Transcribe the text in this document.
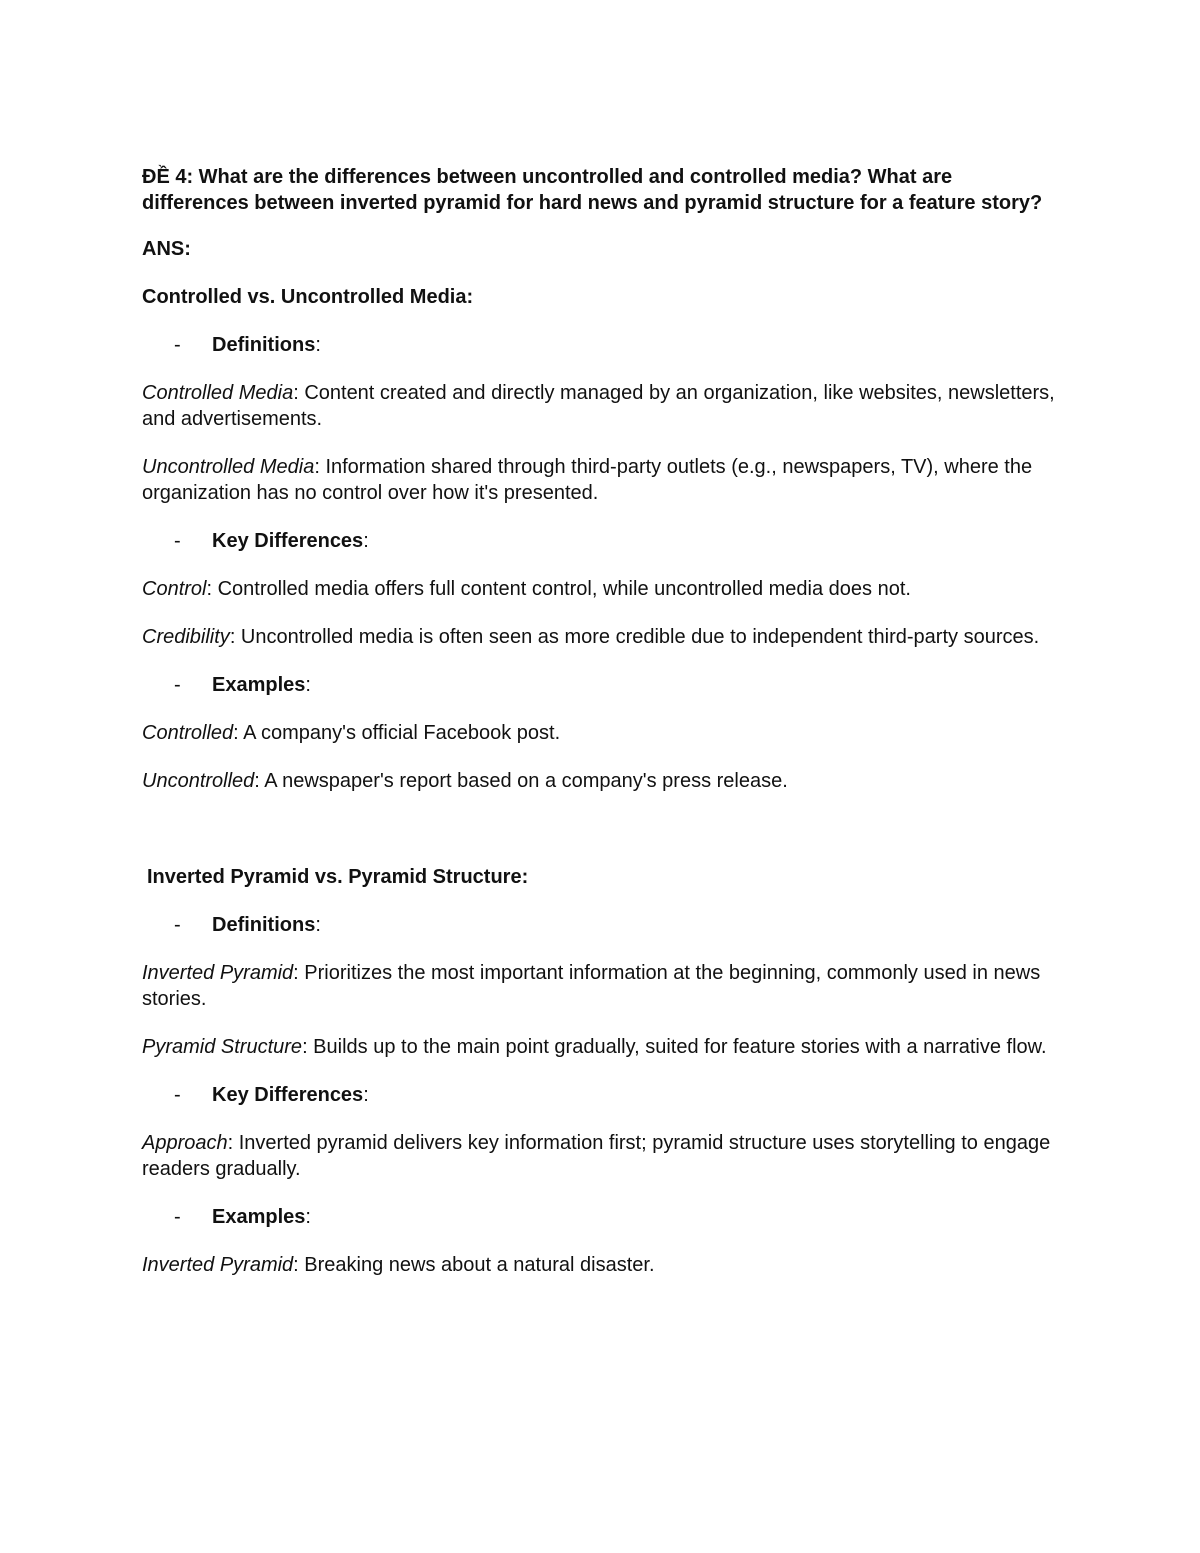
ĐỀ 4: What are the differences between uncontrolled and controlled media? What are differences between inverted pyramid for hard news and pyramid structure for a feature story?

ANS:

Controlled vs. Uncontrolled Media:

-	Definitions:

Controlled Media: Content created and directly managed by an organization, like websites, newsletters, and advertisements.

Uncontrolled Media: Information shared through third-party outlets (e.g., newspapers, TV), where the organization has no control over how it's presented.

-	Key Differences:

Control: Controlled media offers full content control, while uncontrolled media does not.

Credibility: Uncontrolled media is often seen as more credible due to independent third-party sources.

-	Examples:

Controlled: A company's official Facebook post.

Uncontrolled: A newspaper's report based on a company's press release.

Inverted Pyramid vs. Pyramid Structure:

-	Definitions:

Inverted Pyramid: Prioritizes the most important information at the beginning, commonly used in news stories.

Pyramid Structure: Builds up to the main point gradually, suited for feature stories with a narrative flow.

-	Key Differences:

Approach: Inverted pyramid delivers key information first; pyramid structure uses storytelling to engage readers gradually.

-	Examples:

Inverted Pyramid: Breaking news about a natural disaster.
